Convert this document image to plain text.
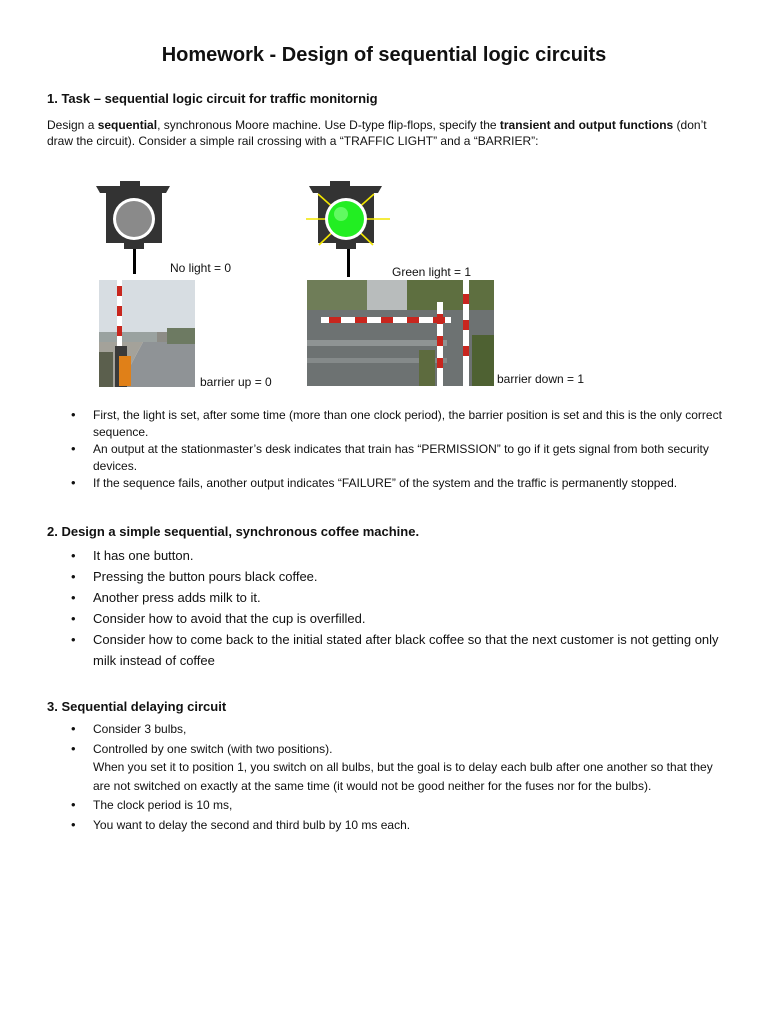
Homework - Design of sequential logic circuits
1. Task – sequential logic circuit for traffic monitornig
Design a sequential, synchronous Moore machine. Use D-type flip-flops, specify the transient and output functions (don’t draw the circuit). Consider a simple rail crossing with a “TRAFFIC LIGHT” and a “BARRIER”:
No light = 0	Green light = 1
barrier up = 0	barrier down = 1
• First, the light is set, after some time (more than one clock period), the barrier position is set and this is the only correct sequence.
• An output at the stationmaster’s desk indicates that train has “PERMISSION” to go if it gets signal from both security devices.
• If the sequence fails, another output indicates “FAILURE” of the system and the traffic is permanently stopped.
2. Design a simple sequential, synchronous coffee machine.
• It has one button.
• Pressing the button pours black coffee.
• Another press adds milk to it.
• Consider how to avoid that the cup is overfilled.
• Consider how to come back to the initial stated after black coffee so that the next customer is not getting only milk instead of coffee
3. Sequential delaying circuit
• Consider 3 bulbs,
• Controlled by one switch (with two positions).
When you set it to position 1, you switch on all bulbs, but the goal is to delay each bulb after one another so that they are not switched on exactly at the same time (it would not be good neither for the fuses nor for the bulbs).
• The clock period is 10 ms,
• You want to delay the second and third bulb by 10 ms each.
